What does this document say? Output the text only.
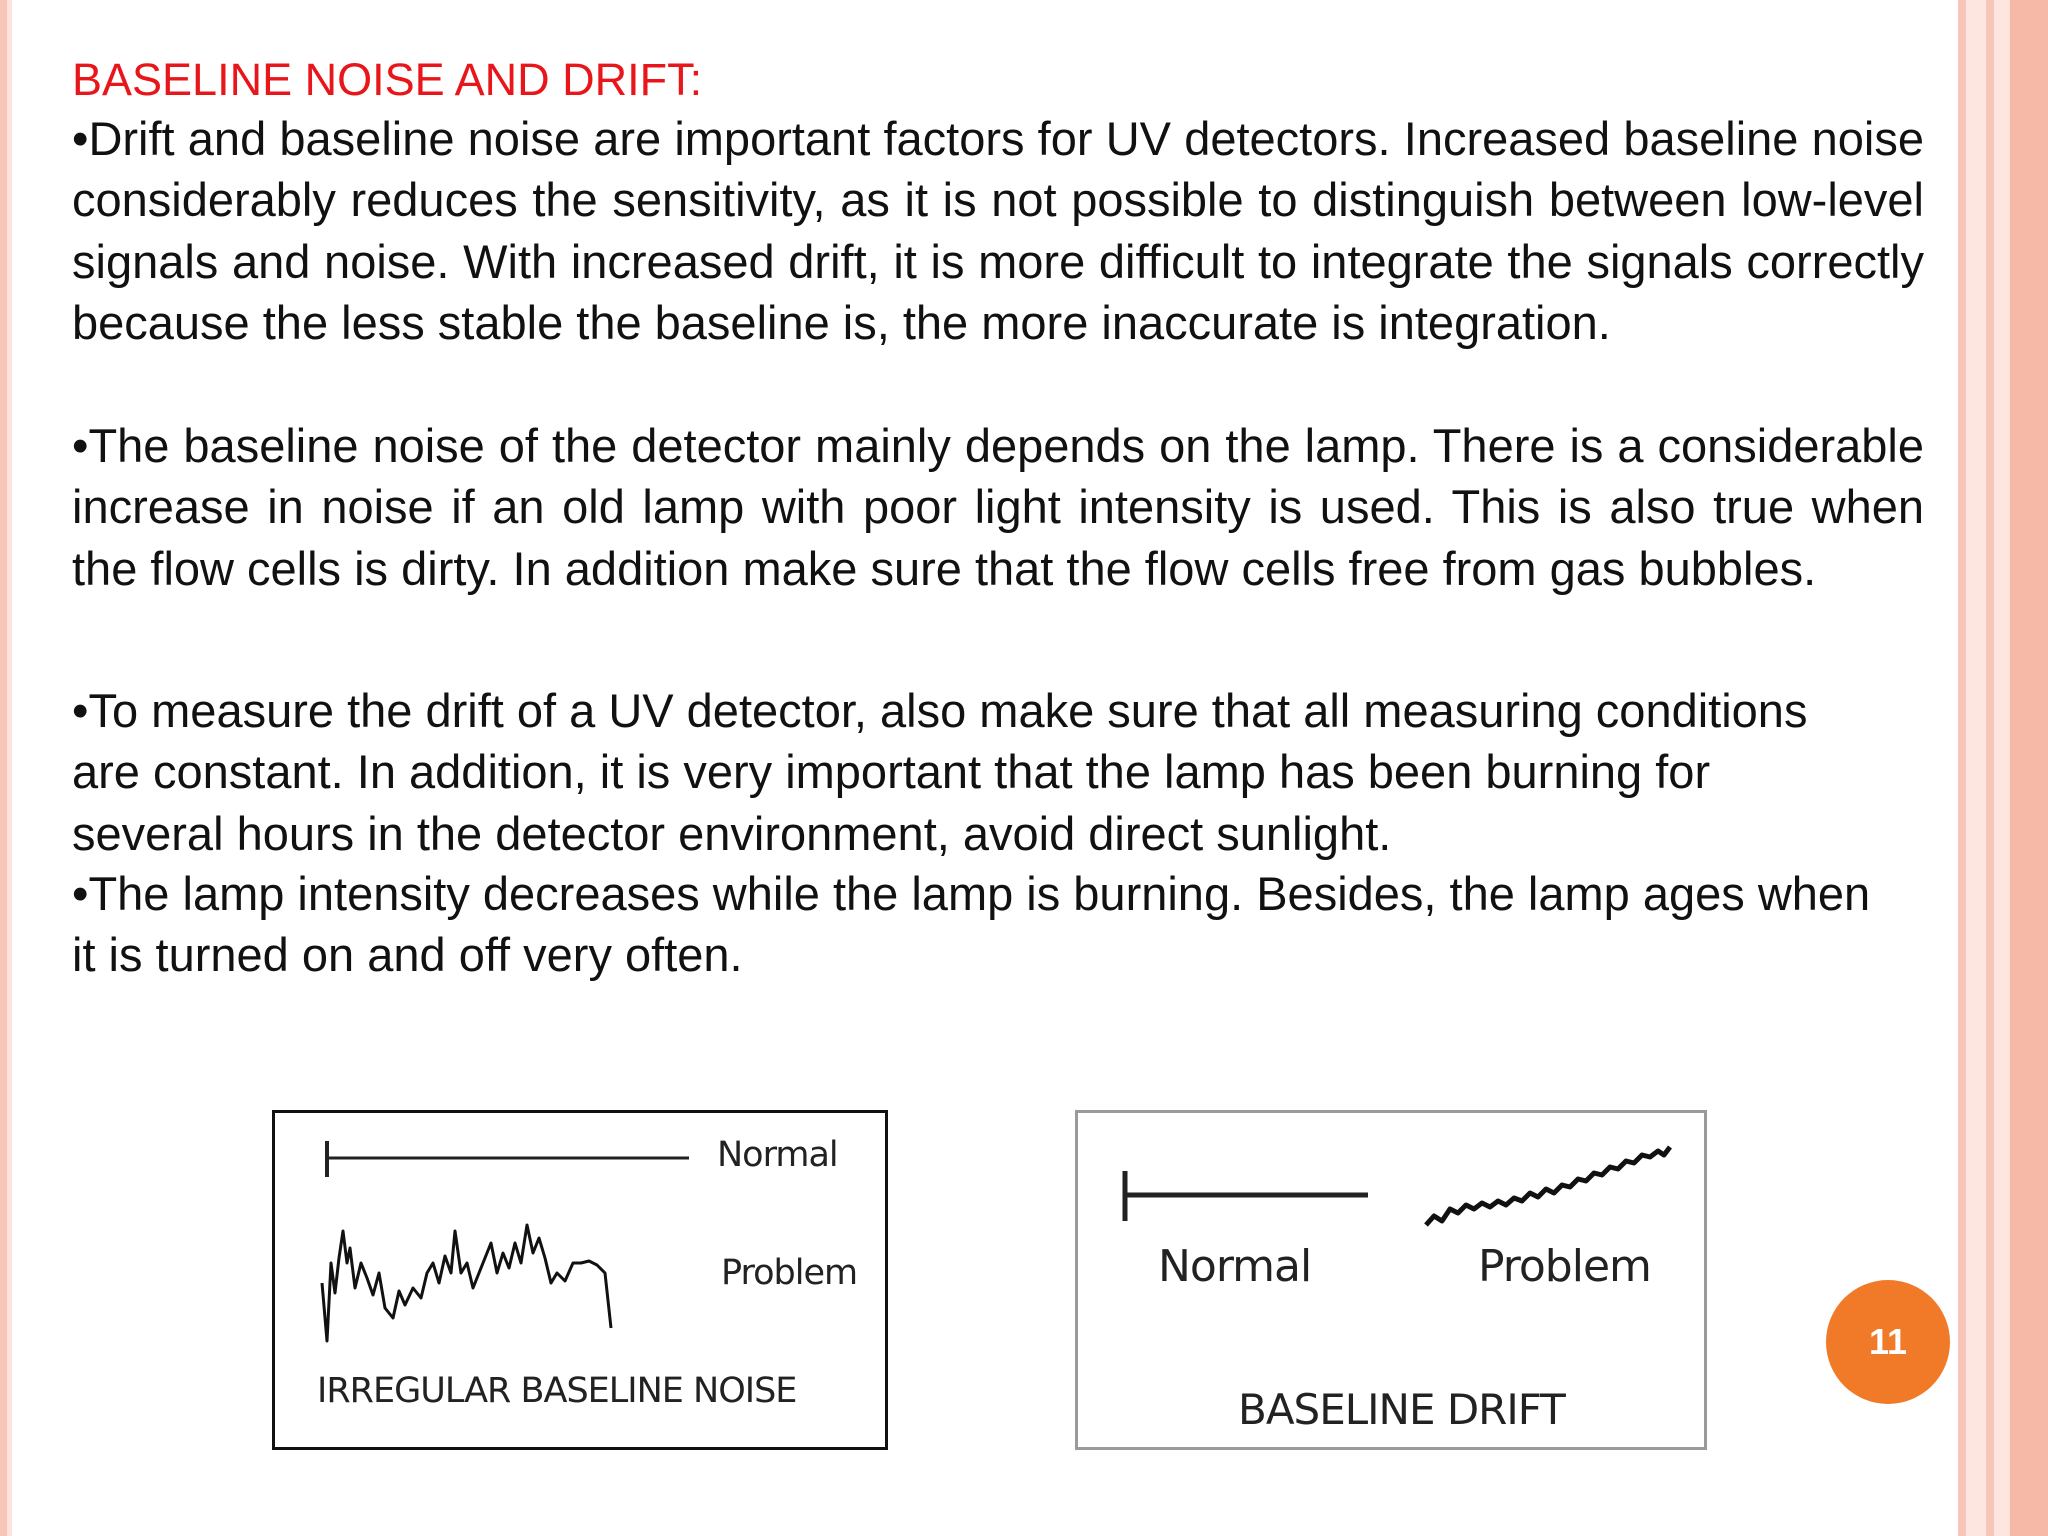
BASELINE NOISE AND DRIFT:

•Drift and baseline noise are important factors for UV detectors. Increased baseline noise considerably reduces the sensitivity, as it is not possible to distinguish between low-level signals and noise. With increased drift, it is more difficult to integrate the signals correctly because the less stable the baseline is, the more inaccurate is integration.

•The baseline noise of the detector mainly depends on the lamp. There is a considerable increase in noise if an old lamp with poor light intensity is used. This is also true when the flow cells is dirty. In addition make sure that the flow cells free from gas bubbles.

•To measure the drift of a UV detector, also make sure that all measuring conditions are constant. In addition, it is very important that the lamp has been burning for several hours in the detector environment, avoid direct sunlight.

•The lamp intensity decreases while the lamp is burning. Besides, the lamp ages when it is turned on and off very often.

Normal
Problem
IRREGULAR BASELINE NOISE
Normal	Problem
BASELINE DRIFT
11
